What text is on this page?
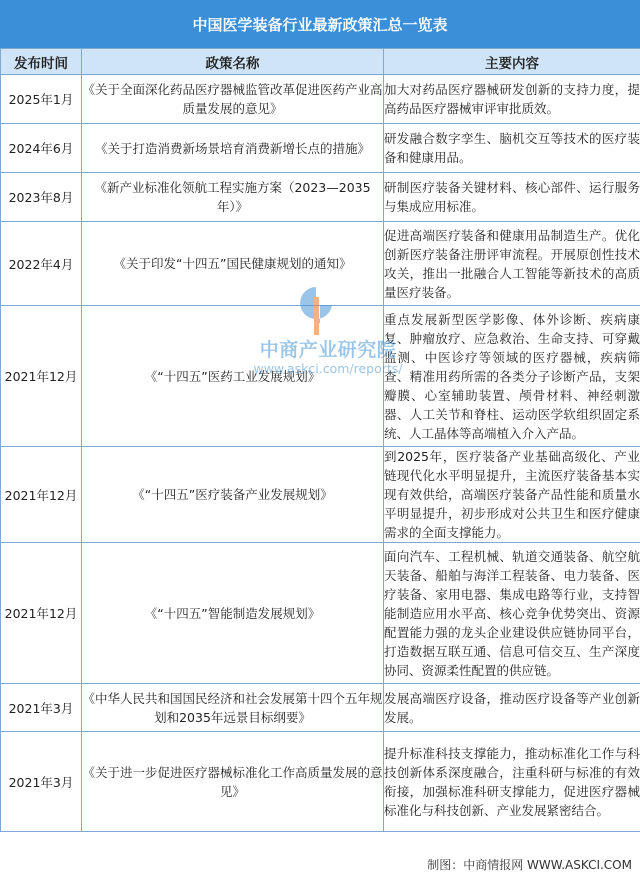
中国医学装备行业最新政策汇总一览表
发布时间	政策名称	主要内容
2025年1月	《关于全面深化药品医疗器械监管改革促进医药产业高质量发展的意见》	加大对药品医疗器械研发创新的支持力度，提高药品医疗器械审评审批质效。
2024年6月	《关于打造消费新场景培育消费新增长点的措施》	研发融合数字孪生、脑机交互等技术的医疗装备和健康用品。
2023年8月	《新产业标准化领航工程实施方案（2023—2035年）》	研制医疗装备关键材料、核心部件、运行服务与集成应用标准。
2022年4月	《关于印发“十四五”国民健康规划的通知》	促进高端医疗装备和健康用品制造生产。优化创新医疗装备注册评审流程。开展原创性技术攻关，推出一批融合人工智能等新技术的高质量医疗装备。
2021年12月	《“十四五”医药工业发展规划》	重点发展新型医学影像、体外诊断、疾病康复、肿瘤放疗、应急救治、生命支持、可穿戴监测、中医诊疗等领域的医疗器械，疾病筛查、精准用药所需的各类分子诊断产品，支架瓣膜、心室辅助装置、颅骨材料、神经刺激器、人工关节和脊柱、运动医学软组织固定系统、人工晶体等高端植入介入产品。
2021年12月	《“十四五”医疗装备产业发展规划》	到2025年，医疗装备产业基础高级化、产业链现代化水平明显提升，主流医疗装备基本实现有效供给，高端医疗装备产品性能和质量水平明显提升，初步形成对公共卫生和医疗健康需求的全面支撑能力。
2021年12月	《“十四五”智能制造发展规划》	面向汽车、工程机械、轨道交通装备、航空航天装备、船舶与海洋工程装备、电力装备、医疗装备、家用电器、集成电路等行业，支持智能制造应用水平高、核心竞争优势突出、资源配置能力强的龙头企业建设供应链协同平台，打造数据互联互通、信息可信交互、生产深度协同、资源柔性配置的供应链。
2021年3月	《中华人民共和国国民经济和社会发展第十四个五年规划和2035年远景目标纲要》	发展高端医疗设备，推动医疗设备等产业创新发展。
2021年3月	《关于进一步促进医疗器械标准化工作高质量发展的意见》	提升标准科技支撑能力，推动标准化工作与科技创新体系深度融合，注重科研与标准的有效衔接，加强标准科研支撑能力，促进医疗器械标准化与科技创新、产业发展紧密结合。
中商产业研究院
www.askci.com/reports/
制图：中商情报网 WWW.ASKCI.COM
